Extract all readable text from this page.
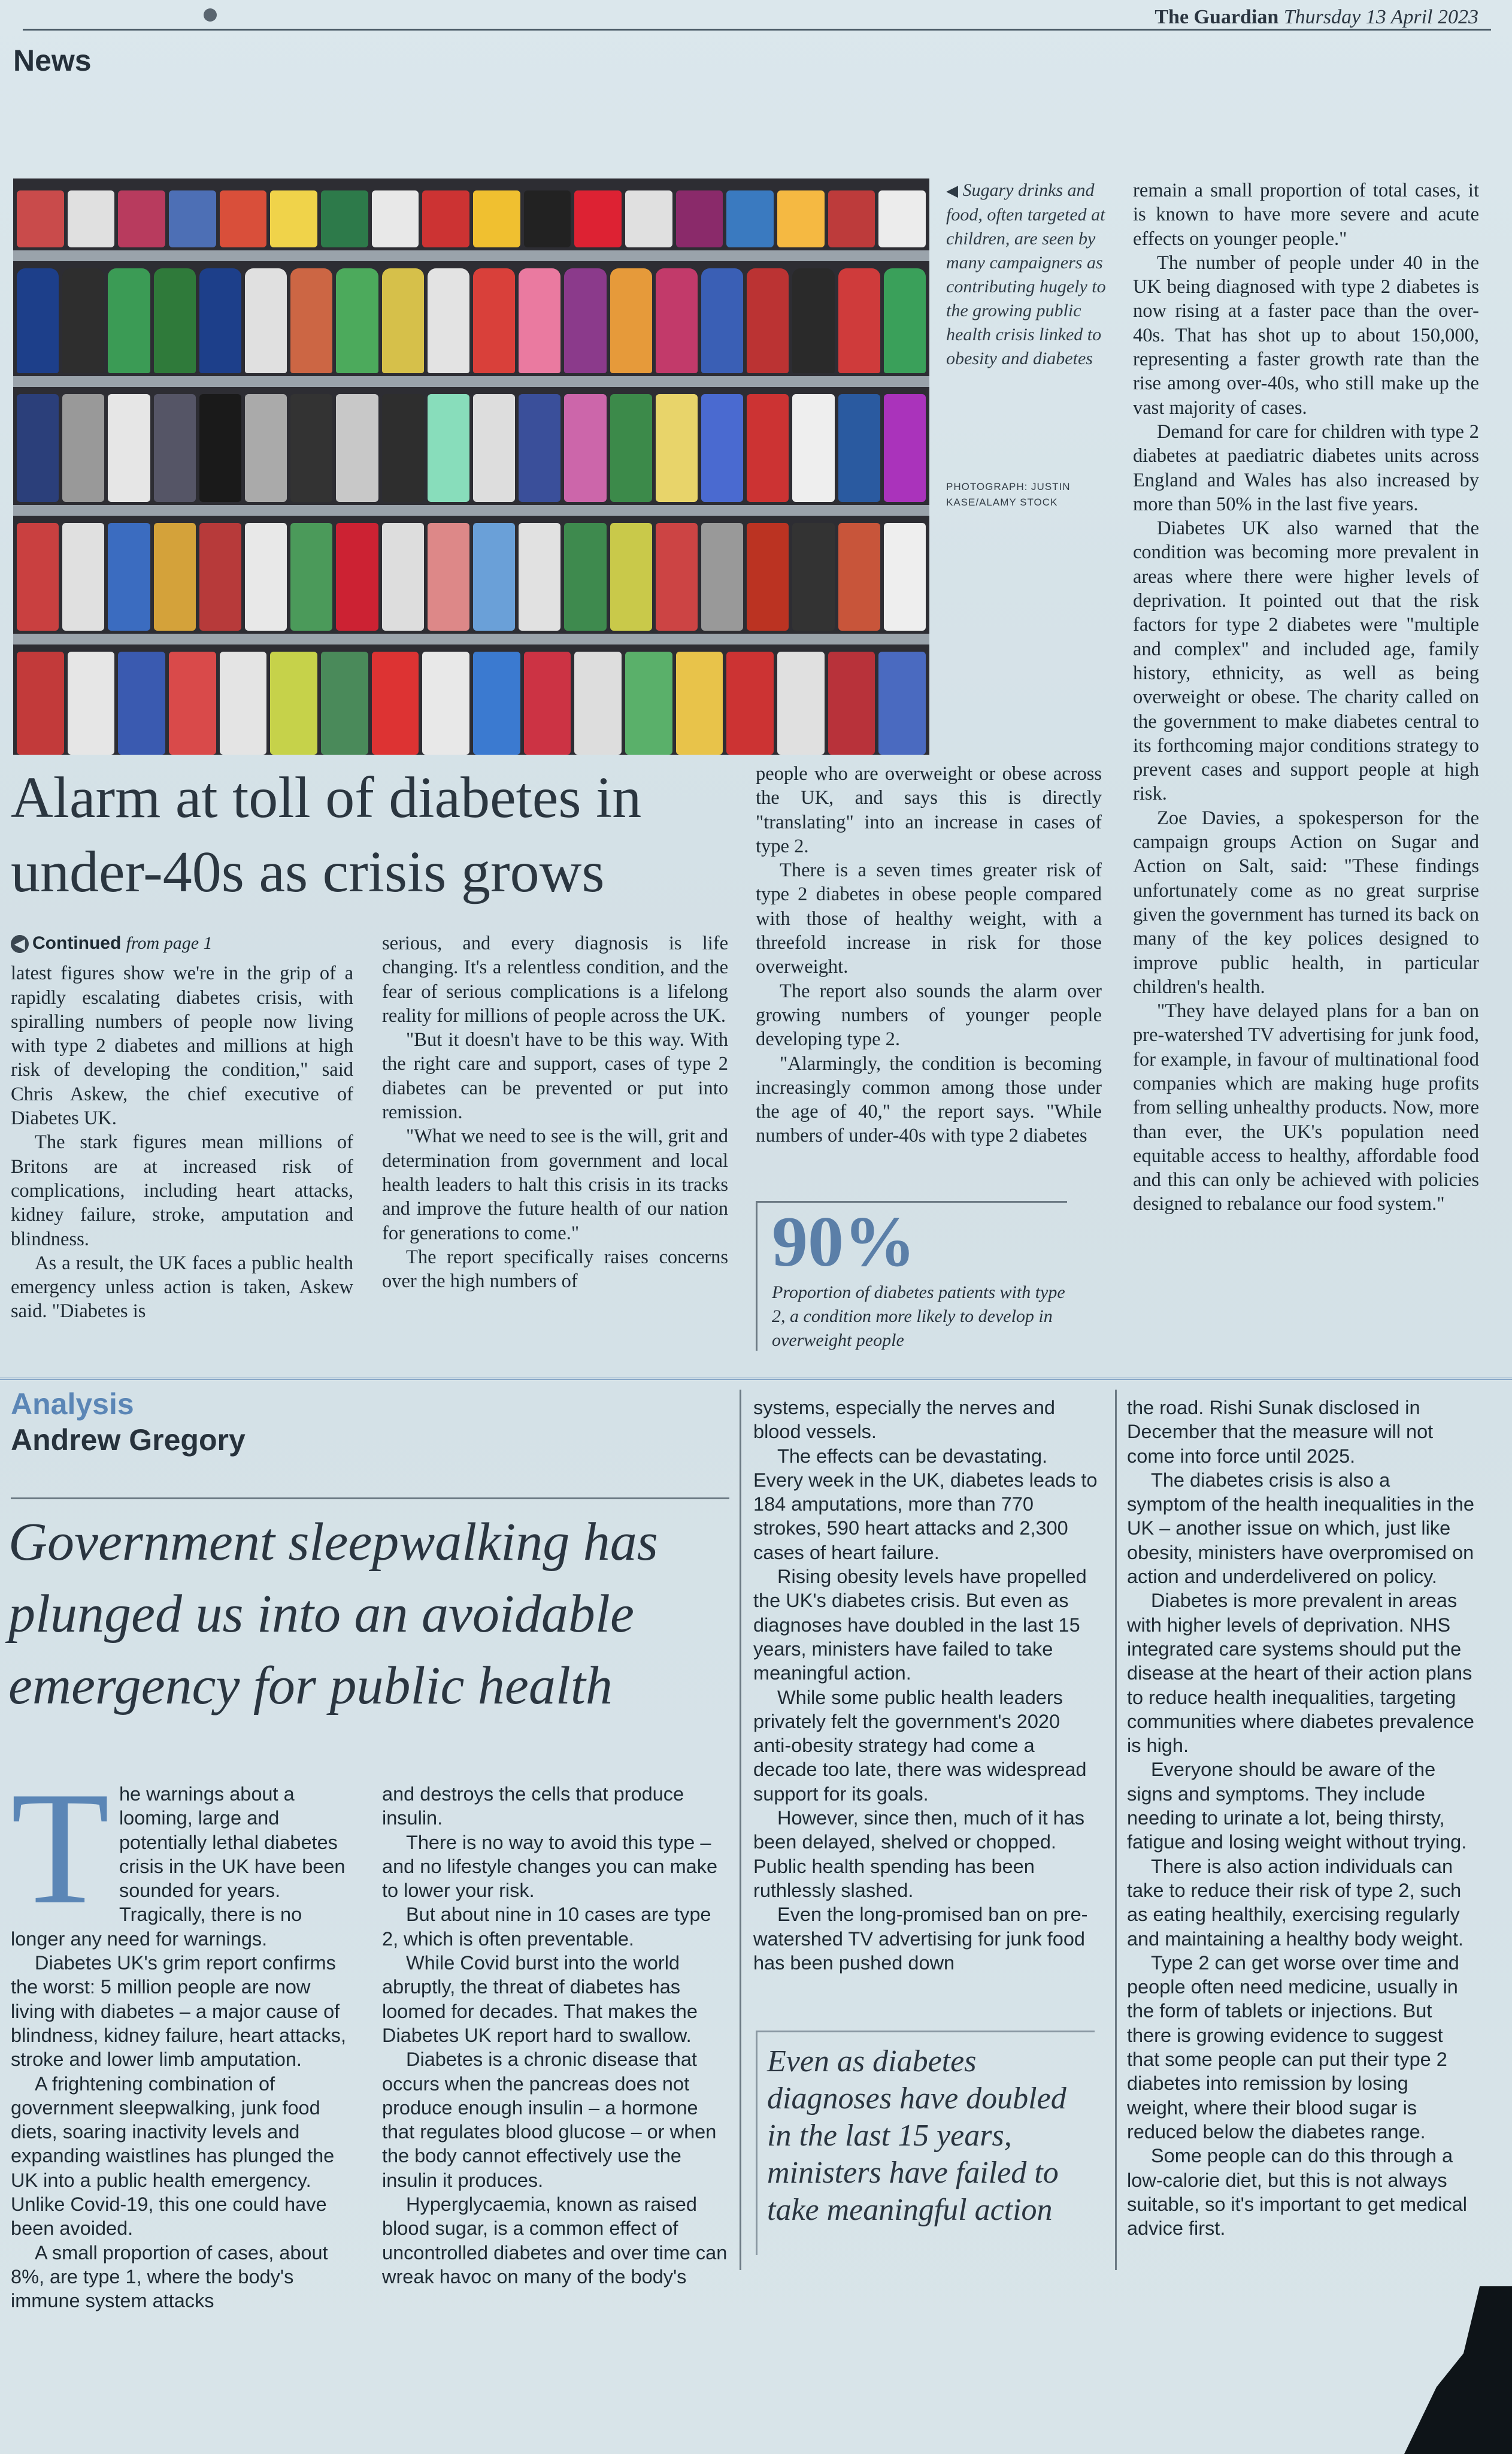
The Guardian Thursday 13 April 2023
News
◀ Sugary drinks and food, often targeted at children, are seen by many campaigners as contributing hugely to the growing public health crisis linked to obesity and diabetes
PHOTOGRAPH: JUSTIN KASE/ALAMY STOCK
Alarm at toll of diabetes in under-40s as crisis grows

◀ Continued from page 1

latest figures show we're in the grip of a rapidly escalating diabetes crisis, with spiralling numbers of people now living with type 2 diabetes and millions at high risk of developing the condition," said Chris Askew, the chief executive of Diabetes UK.

The stark figures mean millions of Britons are at increased risk of complications, including heart attacks, kidney failure, stroke, amputation and blindness.

As a result, the UK faces a public health emergency unless action is taken, Askew said. "Diabetes is

serious, and every diagnosis is life changing. It's a relentless condition, and the fear of serious complications is a lifelong reality for millions of people across the UK.

"But it doesn't have to be this way. With the right care and support, cases of type 2 diabetes can be prevented or put into remission.

"What we need to see is the will, grit and determination from government and local health leaders to halt this crisis in its tracks and improve the future health of our nation for generations to come."

The report specifically raises concerns over the high numbers of

people who are overweight or obese across the UK, and says this is directly "translating" into an increase in cases of type 2.

There is a seven times greater risk of type 2 diabetes in obese people compared with those of healthy weight, with a threefold increase in risk for those overweight.

The report also sounds the alarm over growing numbers of younger people developing type 2.

"Alarmingly, the condition is becoming increasingly common among those under the age of 40," the report says. "While numbers of under-40s with type 2 diabetes

90%
Proportion of diabetes patients with type 2, a condition more likely to develop in overweight people

remain a small proportion of total cases, it is known to have more severe and acute effects on younger people."

The number of people under 40 in the UK being diagnosed with type 2 diabetes is now rising at a faster pace than the over-40s. That has shot up to about 150,000, representing a faster growth rate than the rise among over-40s, who still make up the vast majority of cases.

Demand for care for children with type 2 diabetes at paediatric diabetes units across England and Wales has also increased by more than 50% in the last five years.

Diabetes UK also warned that the condition was becoming more prevalent in areas where there were higher levels of deprivation. It pointed out that the risk factors for type 2 diabetes were "multiple and complex" and included age, family history, ethnicity, as well as being overweight or obese. The charity called on the government to make diabetes central to its forthcoming major conditions strategy to prevent cases and support people at high risk.

Zoe Davies, a spokesperson for the campaign groups Action on Sugar and Action on Salt, said: "These findings unfortunately come as no great surprise given the government has turned its back on many of the key polices designed to improve public health, in particular children's health.

"They have delayed plans for a ban on pre-watershed TV advertising for junk food, for example, in favour of multinational food companies which are making huge profits from selling unhealthy products. Now, more than ever, the UK's population need equitable access to healthy, affordable food and this can only be achieved with policies designed to rebalance our food system."

Analysis
Andrew Gregory
Government sleepwalking has plunged us into an avoidable emergency for public health

The warnings about a looming, large and potentially lethal diabetes crisis in the UK have been sounded for years. Tragically, there is no longer any need for warnings.

Diabetes UK's grim report confirms the worst: 5 million people are now living with diabetes – a major cause of blindness, kidney failure, heart attacks, stroke and lower limb amputation.

A frightening combination of government sleepwalking, junk food diets, soaring inactivity levels and expanding waistlines has plunged the UK into a public health emergency. Unlike Covid-19, this one could have been avoided.

A small proportion of cases, about 8%, are type 1, where the body's immune system attacks

and destroys the cells that produce insulin.

There is no way to avoid this type – and no lifestyle changes you can make to lower your risk.

But about nine in 10 cases are type 2, which is often preventable.

While Covid burst into the world abruptly, the threat of diabetes has loomed for decades. That makes the Diabetes UK report hard to swallow.

Diabetes is a chronic disease that occurs when the pancreas does not produce enough insulin – a hormone that regulates blood glucose – or when the body cannot effectively use the insulin it produces.

Hyperglycaemia, known as raised blood sugar, is a common effect of uncontrolled diabetes and over time can wreak havoc on many of the body's

systems, especially the nerves and blood vessels.

The effects can be devastating. Every week in the UK, diabetes leads to 184 amputations, more than 770 strokes, 590 heart attacks and 2,300 cases of heart failure.

Rising obesity levels have propelled the UK's diabetes crisis. But even as diagnoses have doubled in the last 15 years, ministers have failed to take meaningful action.

While some public health leaders privately felt the government's 2020 anti-obesity strategy had come a decade too late, there was widespread support for its goals.

However, since then, much of it has been delayed, shelved or chopped. Public health spending has been ruthlessly slashed.

Even the long-promised ban on pre-watershed TV advertising for junk food has been pushed down

Even as diabetes diagnoses have doubled in the last 15 years, ministers have failed to take meaningful action

the road. Rishi Sunak disclosed in December that the measure will not come into force until 2025.

The diabetes crisis is also a symptom of the health inequalities in the UK – another issue on which, just like obesity, ministers have overpromised on action and underdelivered on policy.

Diabetes is more prevalent in areas with higher levels of deprivation. NHS integrated care systems should put the disease at the heart of their action plans to reduce health inequalities, targeting communities where diabetes prevalence is high.

Everyone should be aware of the signs and symptoms. They include needing to urinate a lot, being thirsty, fatigue and losing weight without trying.

There is also action individuals can take to reduce their risk of type 2, such as eating healthily, exercising regularly and maintaining a healthy body weight.

Type 2 can get worse over time and people often need medicine, usually in the form of tablets or injections. But there is growing evidence to suggest that some people can put their type 2 diabetes into remission by losing weight, where their blood sugar is reduced below the diabetes range.

Some people can do this through a low-calorie diet, but this is not always suitable, so it's important to get medical advice first.
